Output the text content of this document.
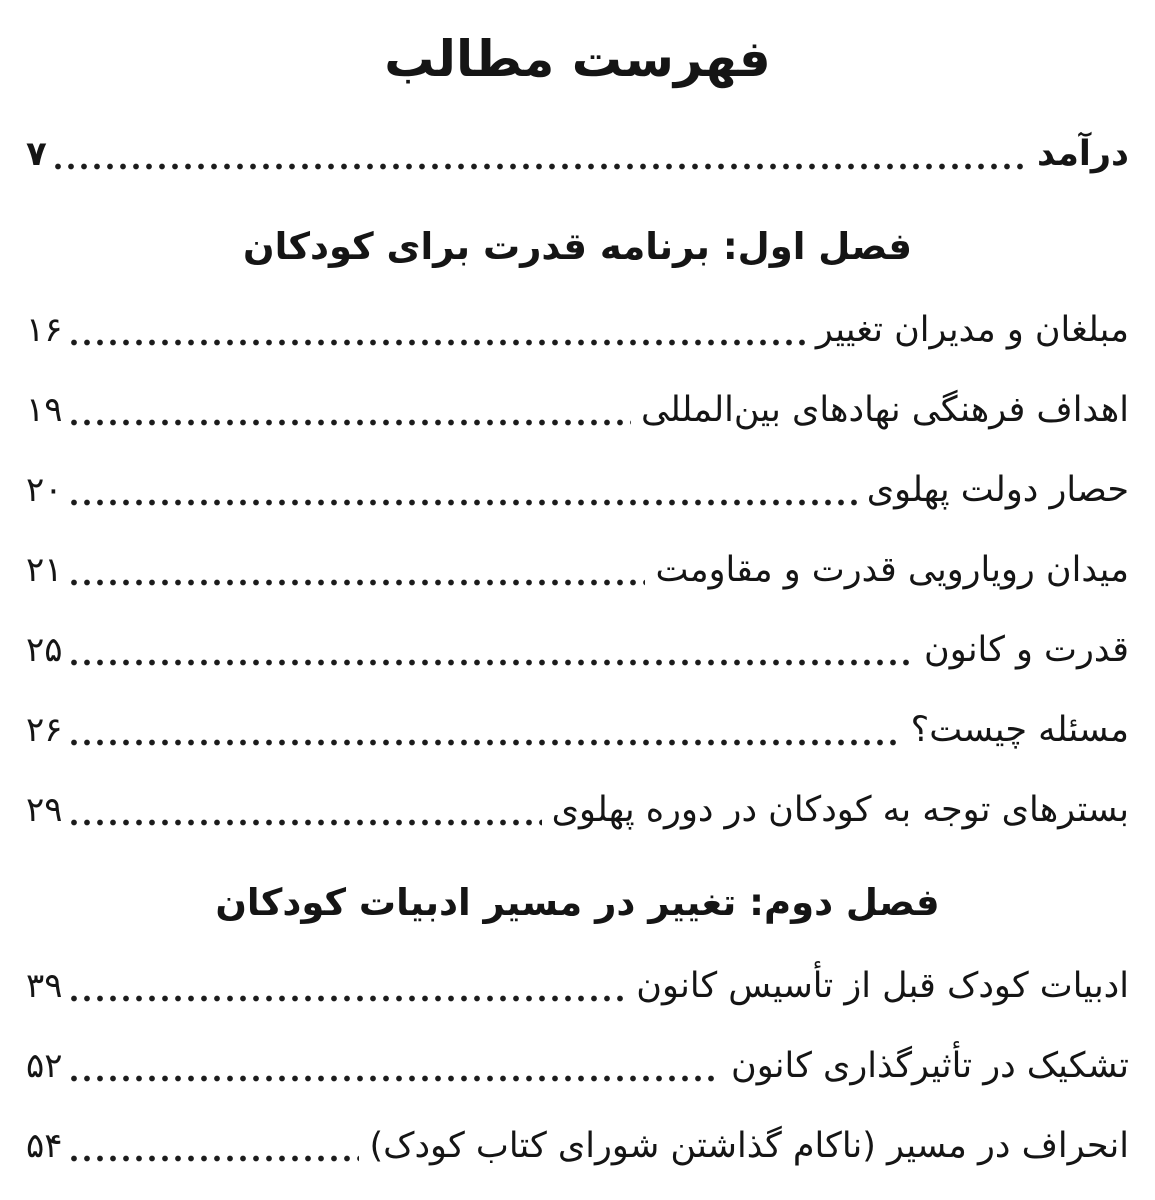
فهرست مطالب
درآمد
۷
فصل اول: برنامه قدرت برای کودکان
مبلغان و مدیران تغییر
۱۶
اهداف فرهنگی نهادهای بین‌المللی
۱۹
حصار دولت پهلوی
۲۰
میدان رویارویی قدرت و مقاومت
۲۱
قدرت و کانون
۲۵
مسئله چیست؟
۲۶
بسترهای توجه به کودکان در دوره پهلوی
۲۹
فصل دوم: تغییر در مسیر ادبیات کودکان
ادبیات کودک قبل از تأسیس کانون
۳۹
تشکیک در تأثیرگذاری کانون
۵۲
انحراف در مسیر (ناکام گذاشتن شورای کتاب کودک)
۵۴
